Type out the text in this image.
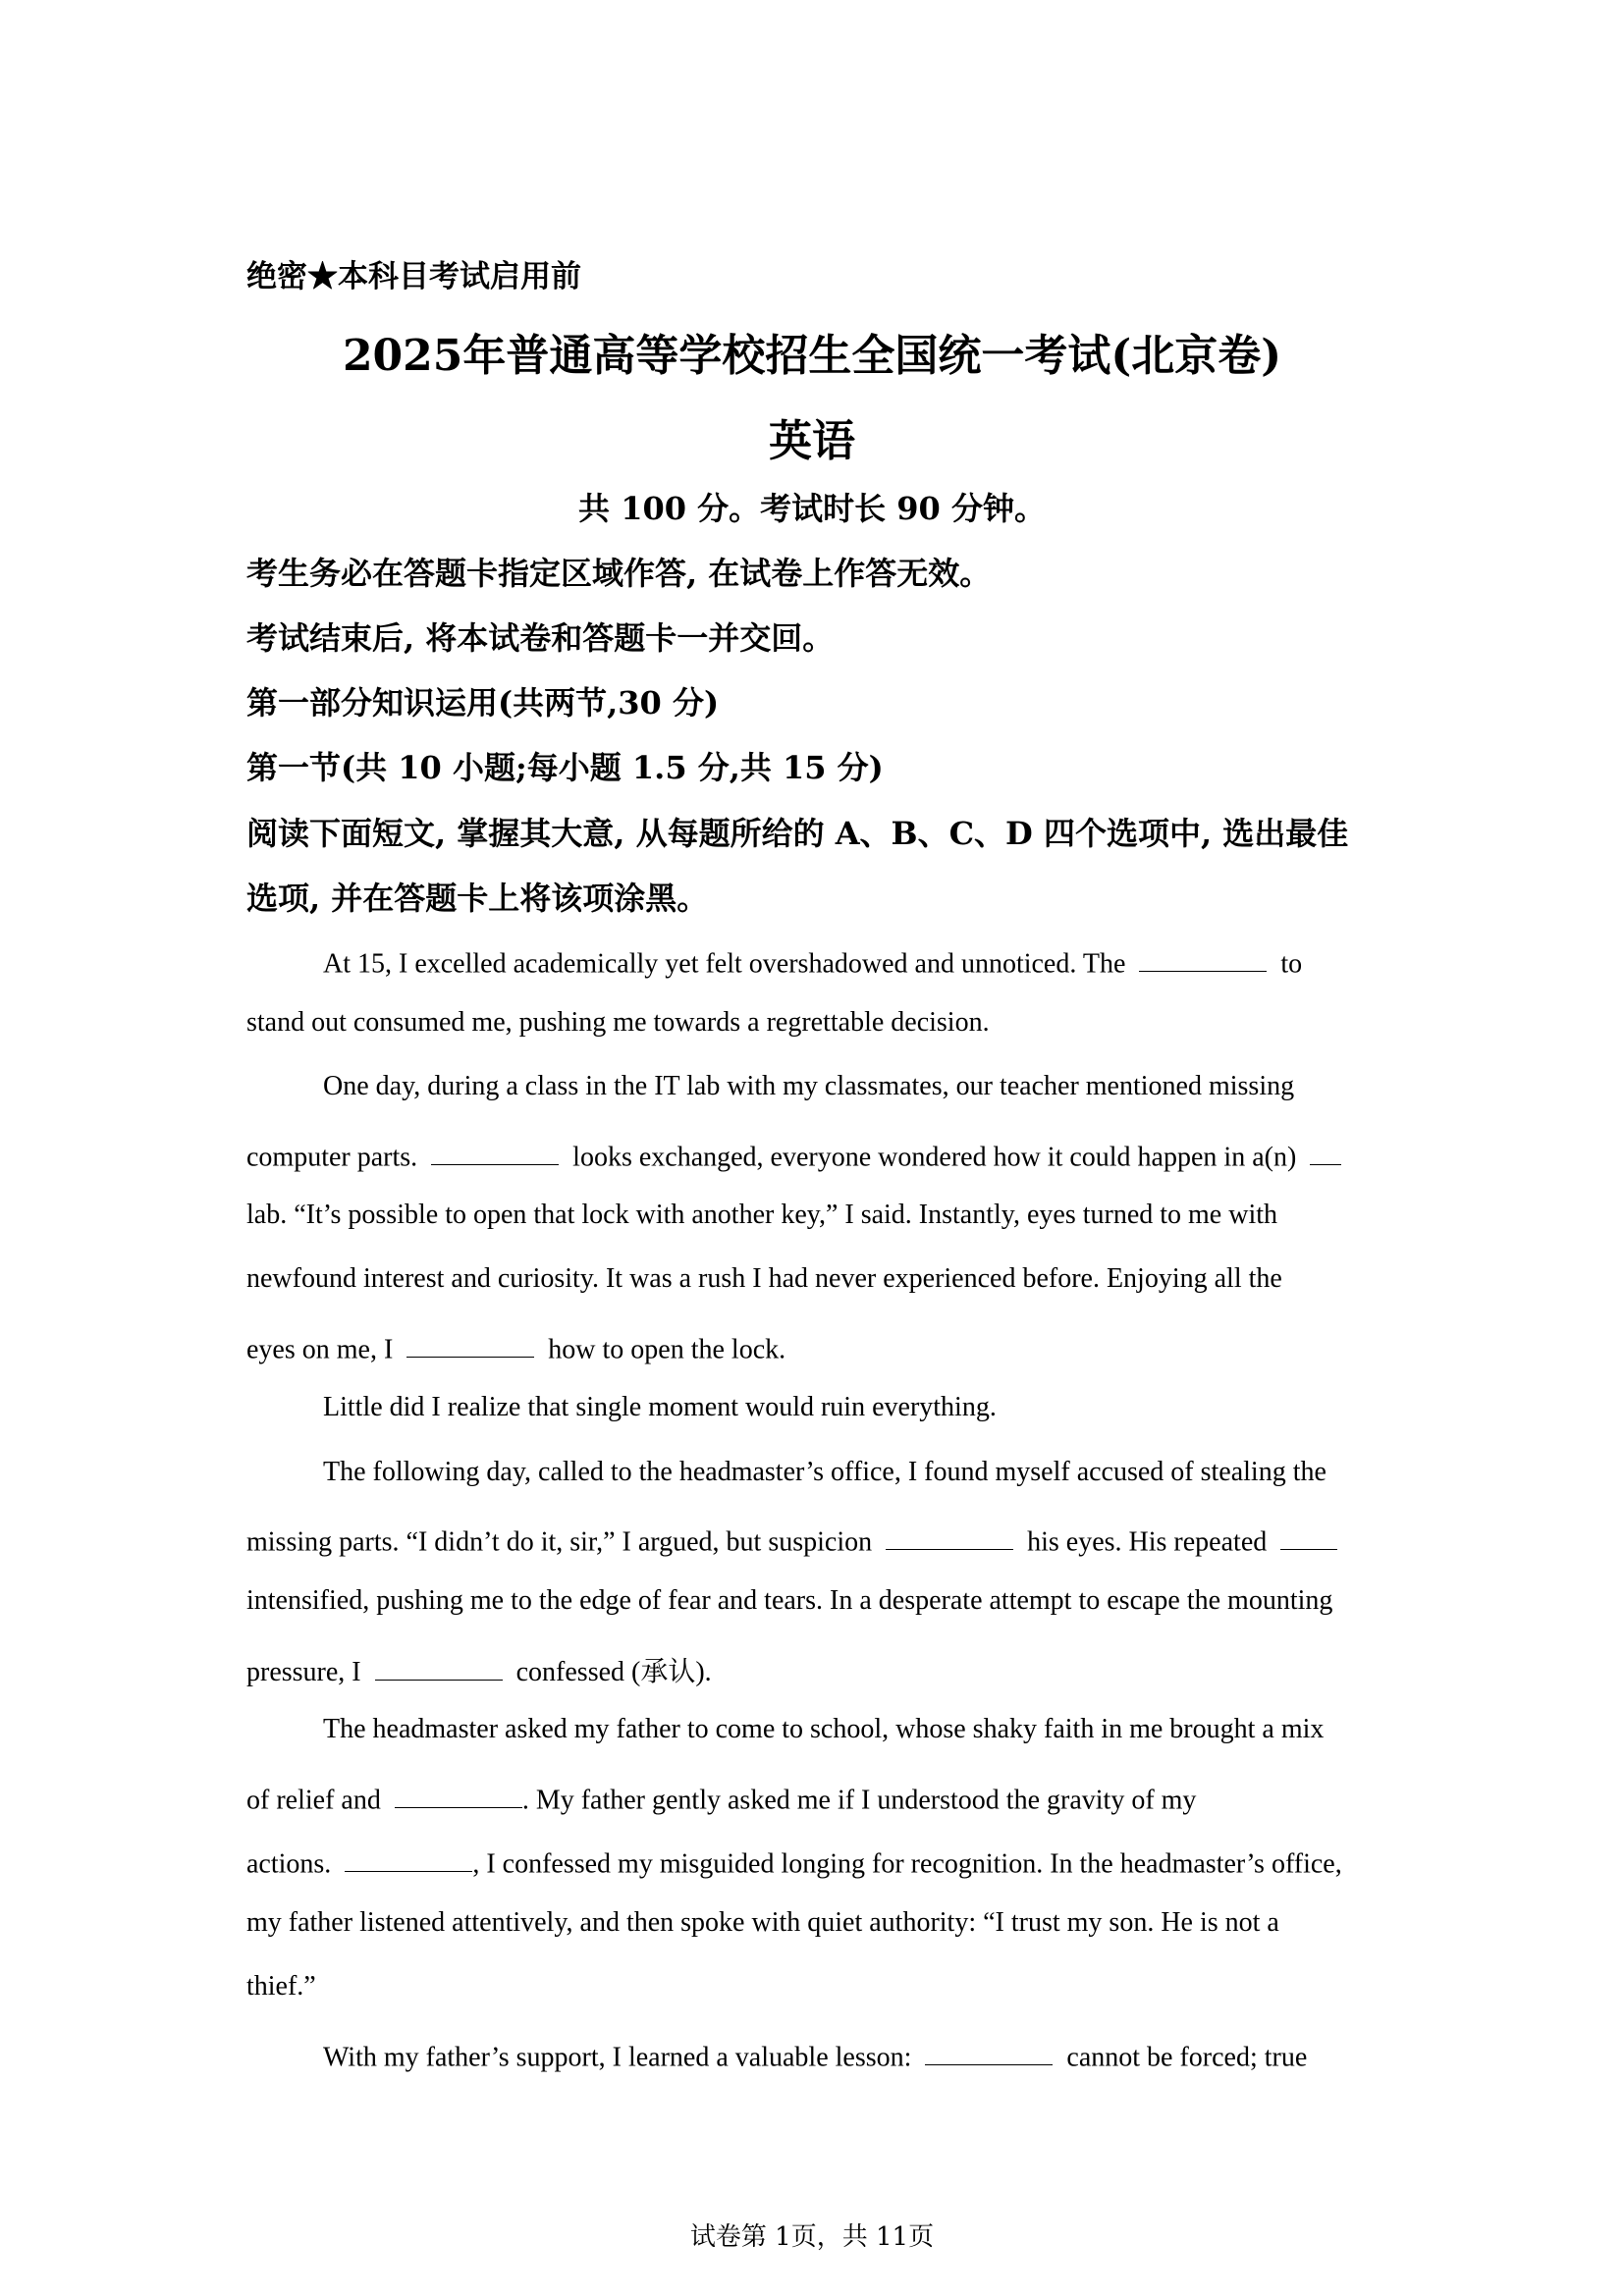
绝密★本科目考试启用前
2025年普通高等学校招生全国统一考试(北京卷)
英语
共 100 分。考试时长 90 分钟。
考生务必在答题卡指定区域作答, 在试卷上作答无效。
考试结束后, 将本试卷和答题卡一并交回。
第一部分知识运用(共两节,30 分)
第一节(共 10 小题;每小题 1.5 分,共 15 分)
阅读下面短文, 掌握其大意, 从每题所给的 A、B、C、D 四个选项中, 选出最佳
选项, 并在答题卡上将该项涂黑。
At 15, I excelled academically yet felt overshadowed and unnoticed. The	to
stand out consumed me, pushing me towards a regrettable decision.
One day, during a class in the IT lab with my classmates, our teacher mentioned missing
computer parts.	looks exchanged, everyone wondered how it could happen in a(n)
lab. “It’s possible to open that lock with another key,” I said. Instantly, eyes turned to me with
newfound interest and curiosity. It was a rush I had never experienced before. Enjoying all the
eyes on me, I	how to open the lock.
Little did I realize that single moment would ruin everything.
The following day, called to the headmaster’s office, I found myself accused of stealing the
missing parts. “I didn’t do it, sir,” I argued, but suspicion	his eyes. His repeated
intensified, pushing me to the edge of fear and tears. In a desperate attempt to escape the mounting
pressure, I	confessed (承认).
The headmaster asked my father to come to school, whose shaky faith in me brought a mix
of relief and	. My father gently asked me if I understood the gravity of my
actions.	, I confessed my misguided longing for recognition. In the headmaster’s office,
my father listened attentively, and then spoke with quiet authority: “I trust my son. He is not a
thief.”
With my father’s support, I learned a valuable lesson:	cannot be forced; true
试卷第 1页，共 11页
